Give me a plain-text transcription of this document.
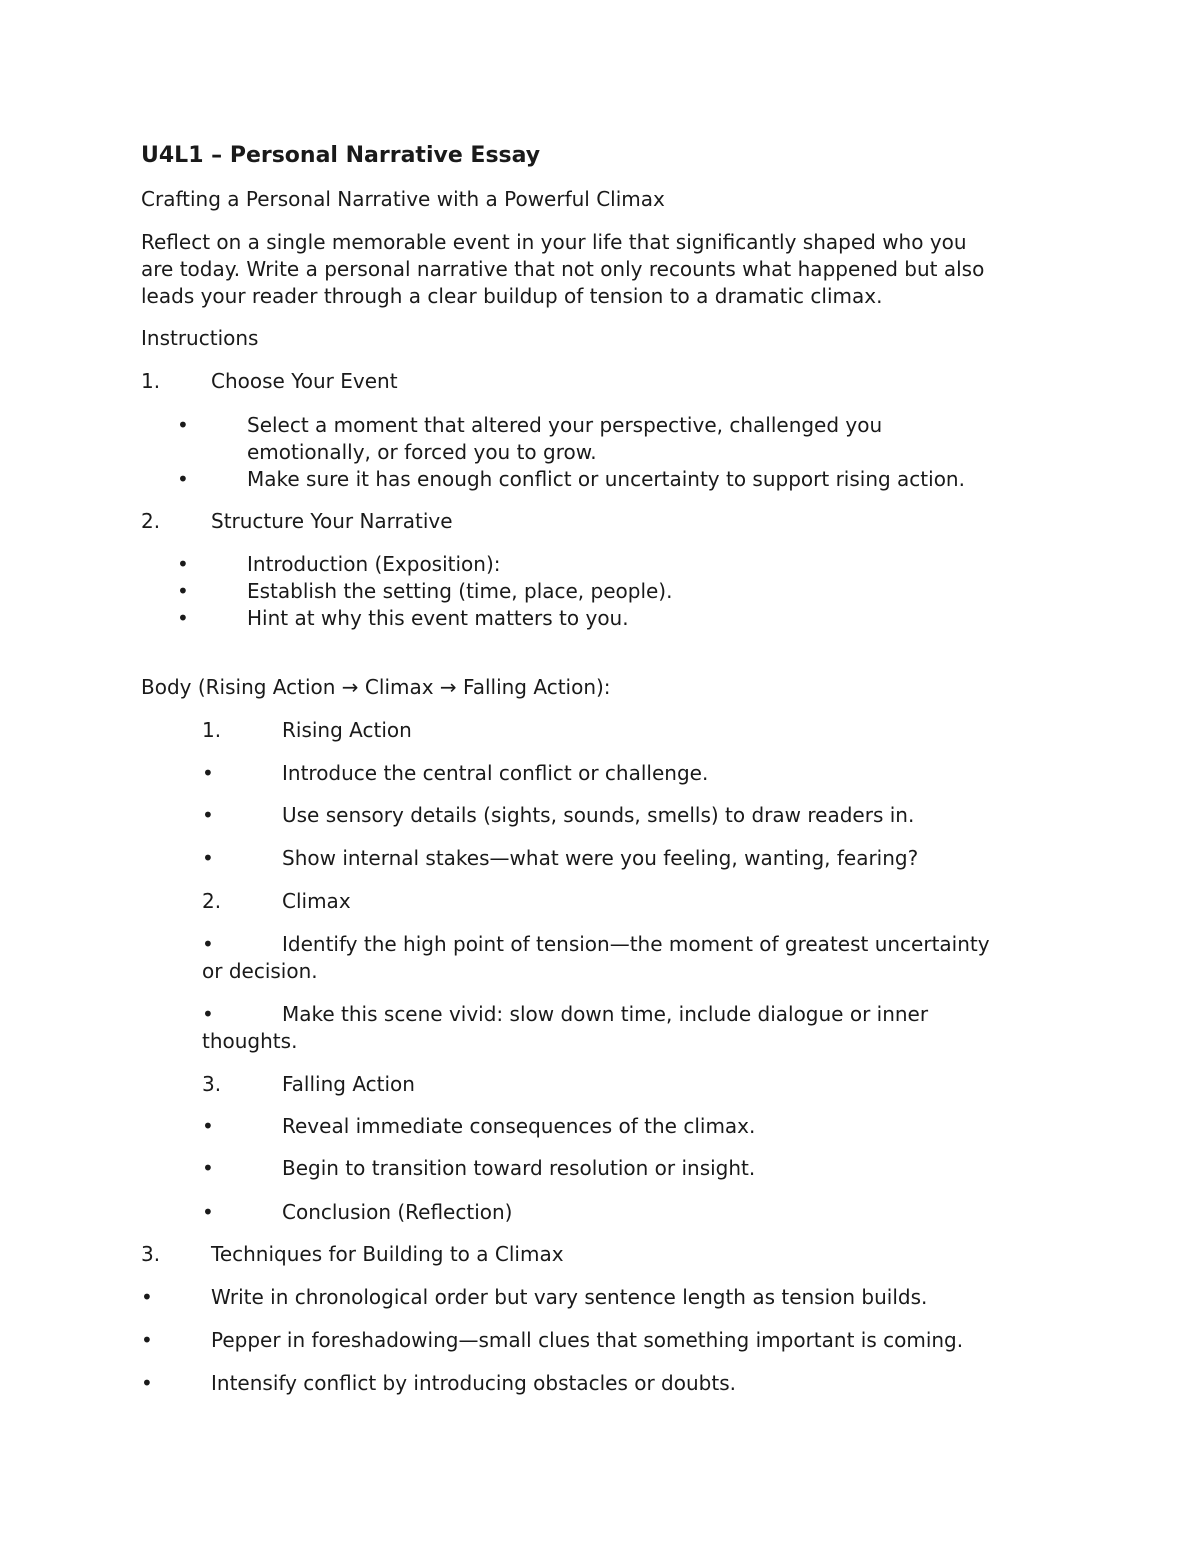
U4L1 – Personal Narrative Essay
Crafting a Personal Narrative with a Powerful Climax
Reflect on a single memorable event in your life that significantly shaped who you
are today. Write a personal narrative that not only recounts what happened but also
leads your reader through a clear buildup of tension to a dramatic climax.
Instructions
1.	Choose Your Event
•	Select a moment that altered your perspective, challenged you
emotionally, or forced you to grow.
•	Make sure it has enough conflict or uncertainty to support rising action.
2.	Structure Your Narrative
•	Introduction (Exposition):
•	Establish the setting (time, place, people).
•	Hint at why this event matters to you.
Body (Rising Action → Climax → Falling Action):
1.	Rising Action
•	Introduce the central conflict or challenge.
•	Use sensory details (sights, sounds, smells) to draw readers in.
•	Show internal stakes—what were you feeling, wanting, fearing?
2.	Climax
•	Identify the high point of tension—the moment of greatest uncertainty
or decision.
•	Make this scene vivid: slow down time, include dialogue or inner
thoughts.
3.	Falling Action
•	Reveal immediate consequences of the climax.
•	Begin to transition toward resolution or insight.
•	Conclusion (Reflection)
3.	Techniques for Building to a Climax
•	Write in chronological order but vary sentence length as tension builds.
•	Pepper in foreshadowing—small clues that something important is coming.
•	Intensify conflict by introducing obstacles or doubts.
